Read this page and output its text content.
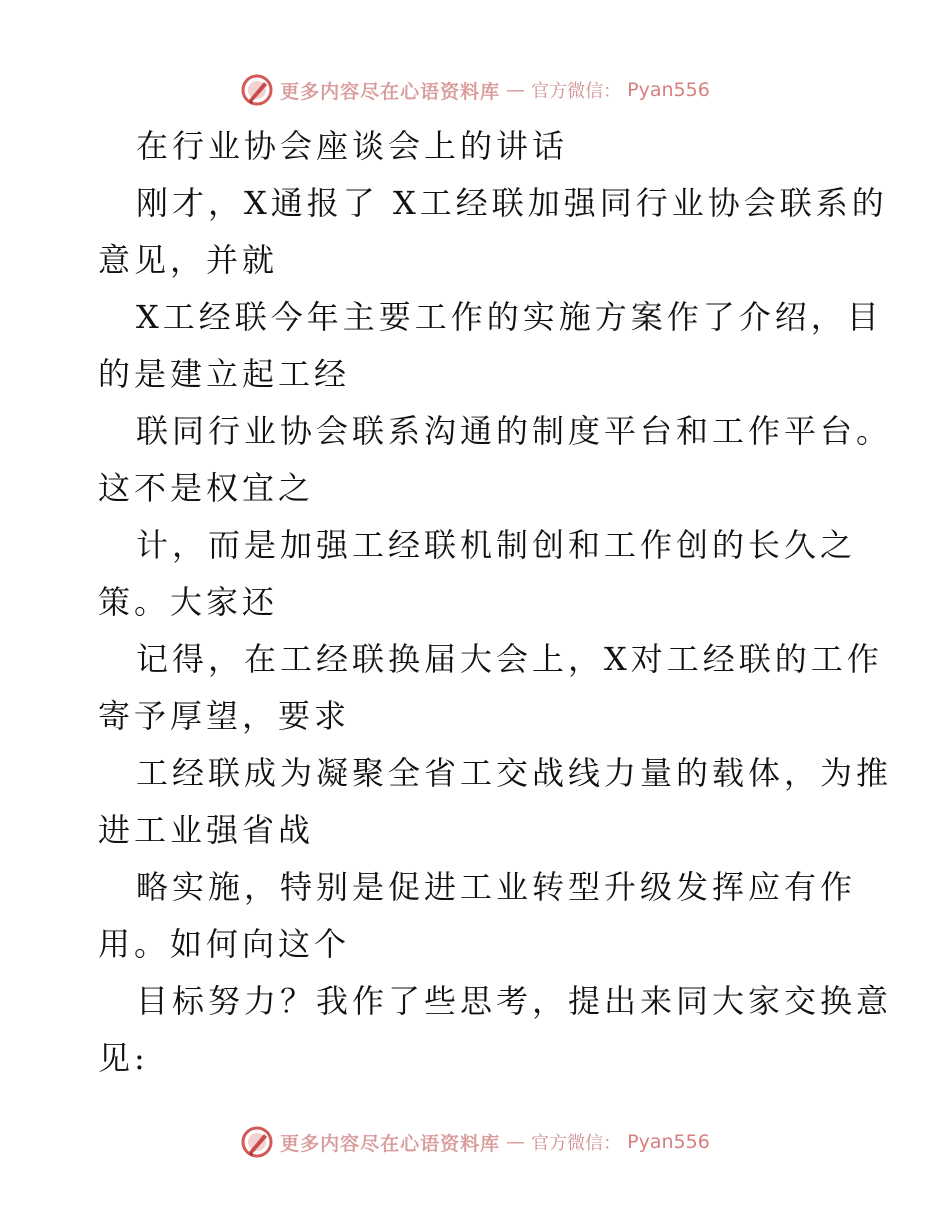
更多内容尽在心语资料库 — 官方微信： Pyan556
在行业协会座谈会上的讲话
刚才，X通报了 X工经联加强同行业协会联系的
意见，并就
X工经联今年主要工作的实施方案作了介绍，目
的是建立起工经
联同行业协会联系沟通的制度平台和工作平台。
这不是权宜之
计，而是加强工经联机制创和工作创的长久之
策。大家还
记得，在工经联换届大会上，X对工经联的工作
寄予厚望，要求
工经联成为凝聚全省工交战线力量的载体，为推
进工业强省战
略实施，特别是促进工业转型升级发挥应有作
用。如何向这个
目标努力？我作了些思考，提出来同大家交换意
见:
更多内容尽在心语资料库 — 官方微信： Pyan556
